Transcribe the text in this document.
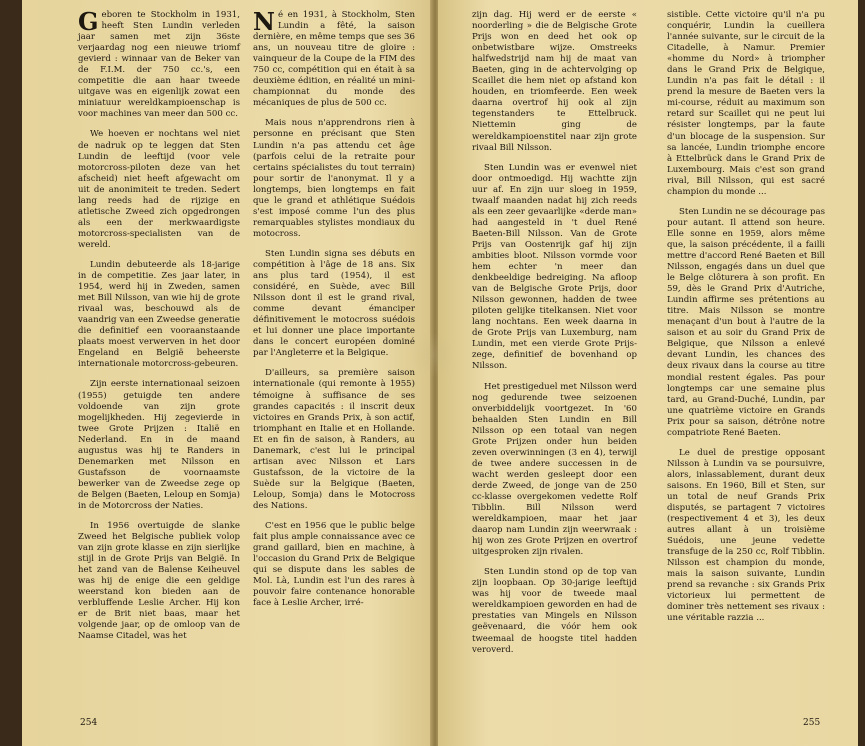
Geboren te Stockholm in 1931, heeft Sten Lundin verleden jaar samen met zijn 36ste verjaardag nog een nieuwe triomf gevierd : winnaar van de Beker van de F.I.M. der 750 cc.'s, een competitie die aan haar tweede uitgave was en eigenlijk zowat een miniatuur wereldkampioenschap is voor machines van meer dan 500 cc.

We hoeven er nochtans wel niet de nadruk op te leggen dat Sten Lundin de leeftijd (voor vele motorcross-piloten deze van het afscheid) niet heeft afgewacht om uit de anonimiteit te treden. Sedert lang reeds had de rijzige en atletische Zweed zich opgedrongen als een der merkwaardigste motorcross-specialisten van de wereld.

Lundin debuteerde als 18-jarige in de competitie. Zes jaar later, in 1954, werd hij in Zweden, samen met Bill Nilsson, van wie hij de grote rivaal was, beschouwd als de vaandrig van een Zweedse generatie die definitief een vooraanstaande plaats moest verwerven in het door Engeland en België beheerste internationale motorcross-gebeuren.

Zijn eerste internationaal seizoen (1955) getuigde ten andere voldoende van zijn grote mogelijkheden. Hij zegevierde in twee Grote Prijzen : Italië en Nederland. En in de maand augustus was hij te Randers in Denemarken met Nilsson en Gustafsson de voornaamste bewerker van de Zweedse zege op de Belgen (Baeten, Leloup en Somja) in de Motorcross der Naties.

In 1956 overtuigde de slanke Zweed het Belgische publiek volop van zijn grote klasse en zijn sierlijke stijl in de Grote Prijs van België. In het zand van de Balense Keiheuvel was hij de enige die een geldige weerstand kon bieden aan de verbluffende Leslie Archer. Hij kon er de Brit niet baas, maar het volgende jaar, op de omloop van de Naamse Citadel, was het

Né en 1931, à Stockholm, Sten Lundin a fêté, la saison dernière, en même temps que ses 36 ans, un nouveau titre de gloire : vainqueur de la Coupe de la FIM des 750 cc, compétition qui en était à sa deuxième édition, en réalité un mini-championnat du monde des mécaniques de plus de 500 cc.

Mais nous n'apprendrons rien à personne en précisant que Sten Lundin n'a pas attendu cet âge (parfois celui de la retraite pour certains spécialistes du tout terrain) pour sortir de l'anonymat. Il y a longtemps, bien longtemps en fait que le grand et athlétique Suédois s'est imposé comme l'un des plus remarquables stylistes mondiaux du motocross.

Sten Lundin signa ses débuts en compétition à l'âge de 18 ans. Six ans plus tard (1954), il est considéré, en Suède, avec Bill Nilsson dont il est le grand rival, comme devant émanciper définitivement le motocross suédois et lui donner une place importante dans le concert européen dominé par l'Angleterre et la Belgique.

D'ailleurs, sa première saison internationale (qui remonte à 1955) témoigne à suffisance de ses grandes capacités : il inscrit deux victoires en Grands Prix, à son actif, triomphant en Italie et en Hollande. Et en fin de saison, à Randers, au Danemark, c'est lui le principal artisan avec Nilsson et Lars Gustafsson, de la victoire de la Suède sur la Belgique (Baeten, Leloup, Somja) dans le Motocross des Nations.

C'est en 1956 que le public belge fait plus ample connaissance avec ce grand gaillard, bien en machine, à l'occasion du Grand Prix de Belgique qui se dispute dans les sables de Mol. Là, Lundin est l'un des rares à pouvoir faire contenance honorable face à Leslie Archer, irré-

zijn dag. Hij werd er de eerste « noorderling » die de Belgische Grote Prijs won en deed het ook op onbetwistbare wijze. Omstreeks halfwedstrijd nam hij de maat van Baeten, ging in de achtervolging op Scaillet die hem niet op afstand kon houden, en triomfeerde. Een week daarna overtrof hij ook al zijn tegenstanders te Ettelbruck. Niettemin ging de wereldkampioenstitel naar zijn grote rivaal Bill Nilsson.

Sten Lundin was er evenwel niet door ontmoedigd. Hij wachtte zijn uur af. En zijn uur sloeg in 1959, twaalf maanden nadat hij zich reeds als een zeer gevaarlijke «derde man» had aangesteld in 't duel René Baeten-Bill Nilsson. Van de Grote Prijs van Oostenrijk gaf hij zijn ambities bloot. Nilsson vormde voor hem echter 'n meer dan denkbeeldige bedreiging. Na afloop van de Belgische Grote Prijs, door Nilsson gewonnen, hadden de twee piloten gelijke titelkansen. Niet voor lang nochtans. Een week daarna in de Grote Prijs van Luxemburg, nam Lundin, met een vierde Grote Prijs-zege, definitief de bovenhand op Nilsson.

Het prestigeduel met Nilsson werd nog gedurende twee seizoenen onverbiddelijk voortgezet. In '60 behaalden Sten Lundin en Bill Nilsson op een totaal van negen Grote Prijzen onder hun beiden zeven overwinningen (3 en 4), terwijl de twee andere successen in de wacht werden gesleept door een derde Zweed, de jonge van de 250 cc-klasse overgekomen vedette Rolf Tibblin. Bill Nilsson werd wereldkampioen, maar het jaar daarop nam Lundin zijn weerwraak : hij won zes Grote Prijzen en overtrof uitgesproken zijn rivalen.

Sten Lundin stond op de top van zijn loopbaan. Op 30-jarige leeftijd was hij voor de tweede maal wereldkampioen geworden en had de prestaties van Mingels en Nilsson geëvenaard, die vóór hem ook tweemaal de hoogste titel hadden veroverd.

sistible. Cette victoire qu'il n'a pu conquérir, Lundin la cueillera l'année suivante, sur le circuit de la Citadelle, à Namur. Premier «homme du Nord» à triompher dans le Grand Prix de Belgique, Lundin n'a pas fait le détail : il prend la mesure de Baeten vers la mi-course, réduit au maximum son retard sur Scaillet qui ne peut lui résister longtemps, par la faute d'un blocage de la suspension. Sur sa lancée, Lundin triomphe encore à Ettelbrück dans le Grand Prix de Luxembourg. Mais c'est son grand rival, Bill Nilsson, qui est sacré champion du monde ...

Sten Lundin ne se décourage pas pour autant. Il attend son heure. Elle sonne en 1959, alors même que, la saison précédente, il a failli mettre d'accord René Baeten et Bill Nilsson, engagés dans un duel que le Belge clôturera à son profit. En 59, dès le Grand Prix d'Autriche, Lundin affirme ses prétentions au titre. Mais Nilsson se montre menaçant d'un bout à l'autre de la saison et au soir du Grand Prix de Belgique, que Nilsson a enlevé devant Lundin, les chances des deux rivaux dans la course au titre mondial restent égales. Pas pour longtemps car une semaine plus tard, au Grand-Duché, Lundin, par une quatrième victoire en Grands Prix pour sa saison, détrône notre compatriote René Baeten.

Le duel de prestige opposant Nilsson à Lundin va se poursuivre, alors, inlassablement, durant deux saisons. En 1960, Bill et Sten, sur un total de neuf Grands Prix disputés, se partagent 7 victoires (respectivement 4 et 3), les deux autres allant à un troisième Suédois, une jeune vedette transfuge de la 250 cc, Rolf Tibblin. Nilsson est champion du monde, mais la saison suivante, Lundin prend sa revanche : six Grands Prix victorieux lui permettent de dominer très nettement ses rivaux : une véritable razzia ...

254	255
